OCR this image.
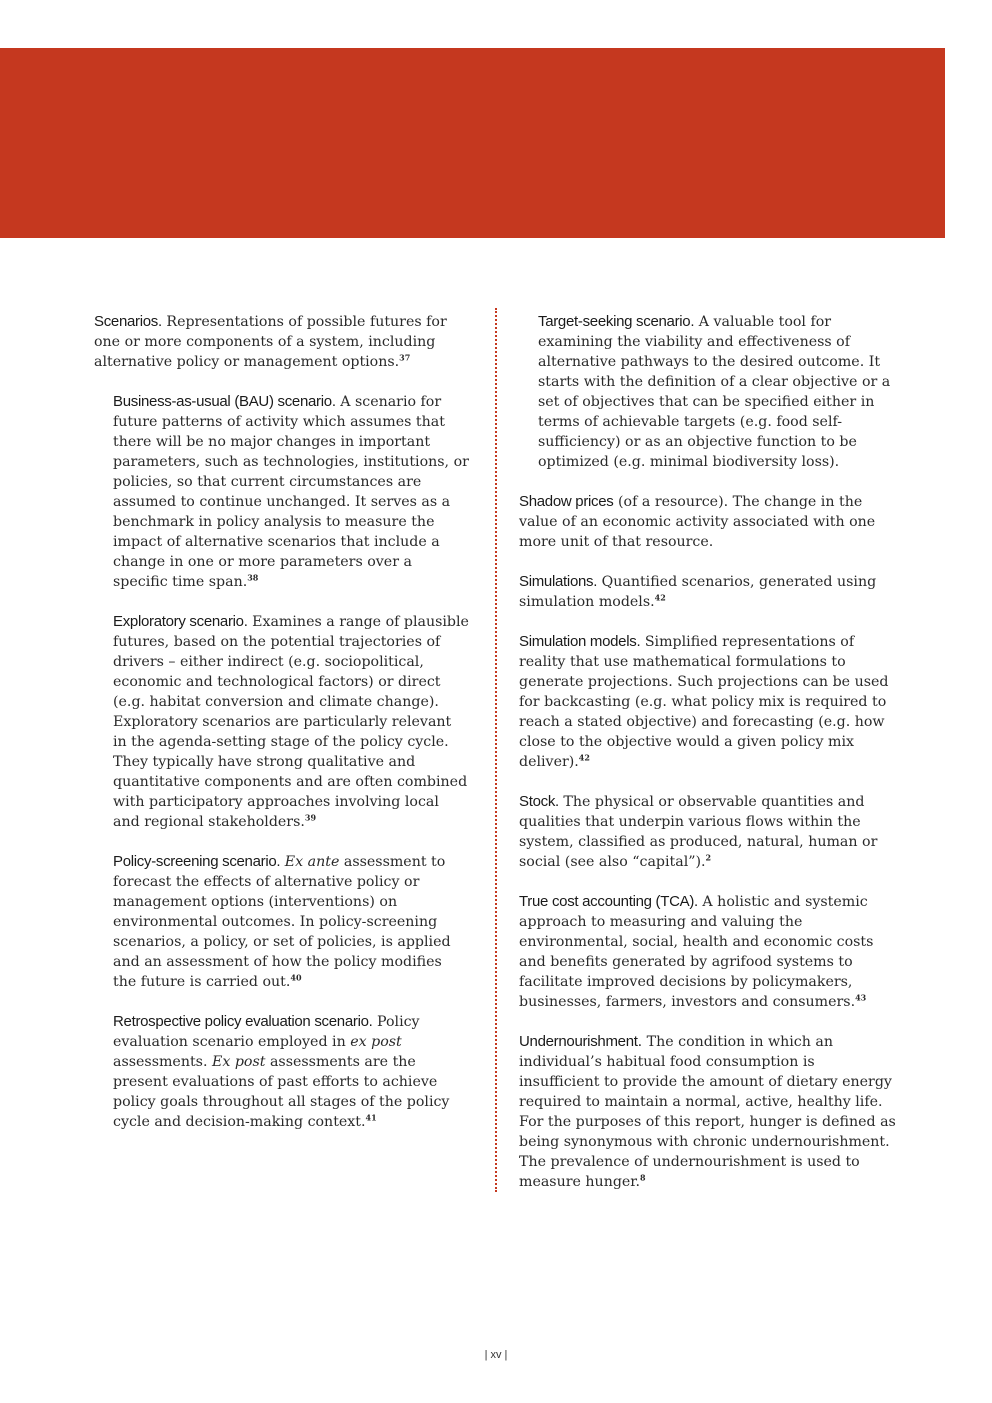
Scenarios. Representations of possible futures for one or more components of a system, including alternative policy or management options.$^{37}$

Business-as-usual (BAU) scenario. A scenario for future patterns of activity which assumes that there will be no major changes in important parameters, such as technologies, institutions, or policies, so that current circumstances are assumed to continue unchanged. It serves as a benchmark in policy analysis to measure the impact of alternative scenarios that include a change in one or more parameters over a specific time span.$^{38}$

Exploratory scenario. Examines a range of plausible futures, based on the potential trajectories of drivers – either indirect (e.g. sociopolitical, economic and technological factors) or direct (e.g. habitat conversion and climate change). Exploratory scenarios are particularly relevant in the agenda-setting stage of the policy cycle. They typically have strong qualitative and quantitative components and are often combined with participatory approaches involving local and regional stakeholders.$^{39}$

Policy-screening scenario. Ex ante assessment to forecast the effects of alternative policy or management options (interventions) on environmental outcomes. In policy-screening scenarios, a policy, or set of policies, is applied and an assessment of how the policy modifies the future is carried out.$^{40}$

Retrospective policy evaluation scenario. Policy evaluation scenario employed in ex post assessments. Ex post assessments are the present evaluations of past efforts to achieve policy goals throughout all stages of the policy cycle and decision-making context.$^{41}$

Target-seeking scenario. A valuable tool for examining the viability and effectiveness of alternative pathways to the desired outcome. It starts with the definition of a clear objective or a set of objectives that can be specified either in terms of achievable targets (e.g. food self-sufficiency) or as an objective function to be optimized (e.g. minimal biodiversity loss).

Shadow prices (of a resource). The change in the value of an economic activity associated with one more unit of that resource.

Simulations. Quantified scenarios, generated using simulation models.$^{42}$

Simulation models. Simplified representations of reality that use mathematical formulations to generate projections. Such projections can be used for backcasting (e.g. what policy mix is required to reach a stated objective) and forecasting (e.g. how close to the objective would a given policy mix deliver).$^{42}$

Stock. The physical or observable quantities and qualities that underpin various flows within the system, classified as produced, natural, human or social (see also “capital”).$^2$

True cost accounting (TCA). A holistic and systemic approach to measuring and valuing the environmental, social, health and economic costs and benefits generated by agrifood systems to facilitate improved decisions by policymakers, businesses, farmers, investors and consumers.$^{43}$

Undernourishment. The condition in which an individual’s habitual food consumption is insufficient to provide the amount of dietary energy required to maintain a normal, active, healthy life. For the purposes of this report, hunger is defined as being synonymous with chronic undernourishment. The prevalence of undernourishment is used to measure hunger.$^8$

| xv |
